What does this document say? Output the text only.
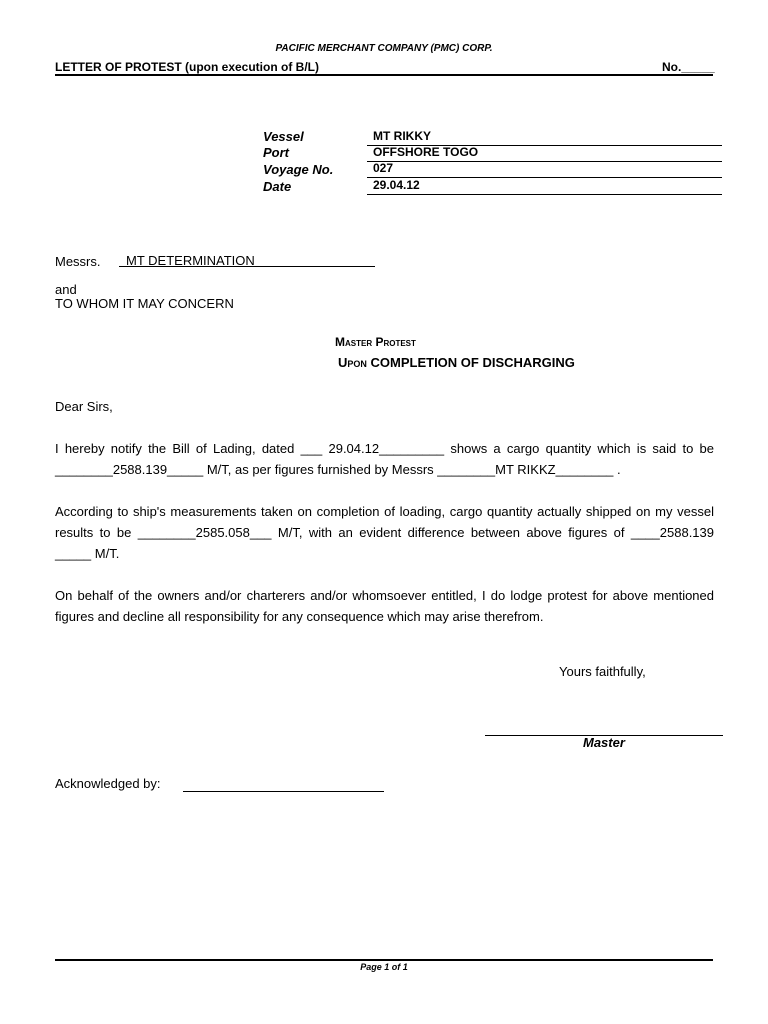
PACIFIC MERCHANT COMPANY (PMC) CORP.
LETTER OF PROTEST (upon execution of B/L)	No._____
Vessel	MT RIKKY
Port	OFFSHORE TOGO
Voyage No.	027
Date	29.04.12
Messrs. MT DETERMINATION
and
TO WHOM IT MAY CONCERN
Master Protest
Upon COMPLETION OF DISCHARGING
Dear Sirs,
I hereby notify the Bill of Lading, dated ___ 29.04.12_________ shows a cargo quantity which is said to be ________2588.139_____ M/T, as per figures furnished by Messrs ________MT RIKKZ________ .
According to ship's measurements taken on completion of loading, cargo quantity actually shipped on my vessel results to be ________2585.058___ M/T, with an evident difference between above figures of ____2588.139 _____ M/T.
On behalf of the owners and/or charterers and/or whomsoever entitled, I do lodge protest for above mentioned figures and decline all responsibility for any consequence which may arise therefrom.
Yours faithfully,
Master
Acknowledged by:
Page 1 of 1
